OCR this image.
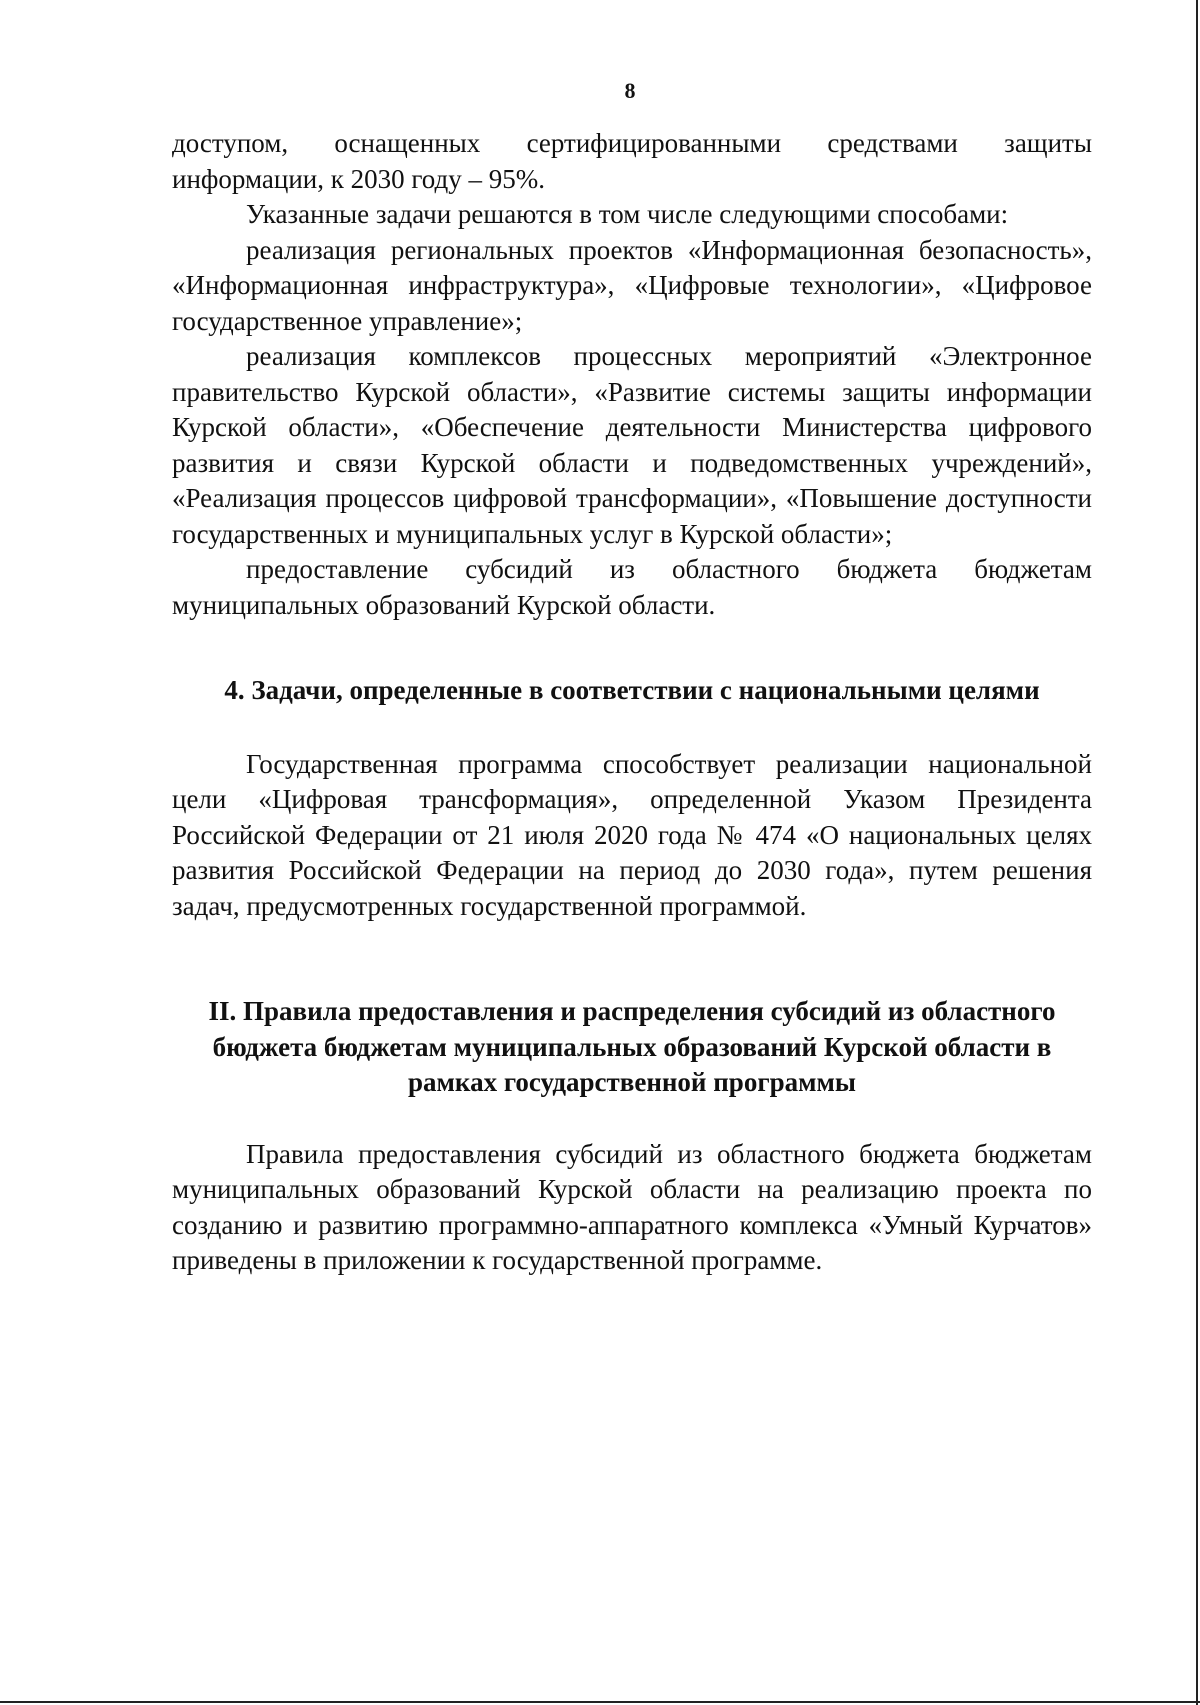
8

доступом, оснащенных сертифицированными средствами защиты информации, к 2030 году – 95%.

Указанные задачи решаются в том числе следующими способами:

реализация региональных проектов «Информационная безопасность», «Информационная инфраструктура», «Цифровые технологии», «Цифровое государственное управление»;

реализация комплексов процессных мероприятий «Электронное правительство Курской области», «Развитие системы защиты информации Курской области», «Обеспечение деятельности Министерства цифрового развития и связи Курской области и подведомственных учреждений», «Реализация процессов цифровой трансформации», «Повышение доступности государственных и муниципальных услуг в Курской области»;

предоставление субсидий из областного бюджета бюджетам муниципальных образований Курской области.

4. Задачи, определенные в соответствии с национальными целями

Государственная программа способствует реализации национальной цели «Цифровая трансформация», определенной Указом Президента Российской Федерации от 21 июля 2020 года № 474 «О национальных целях развития Российской Федерации на период до 2030 года», путем решения задач, предусмотренных государственной программой.

II. Правила предоставления и распределения субсидий из областного
бюджета бюджетам муниципальных образований Курской области в
рамках государственной программы

Правила предоставления субсидий из областного бюджета бюджетам муниципальных образований Курской области на реализацию проекта по созданию и развитию программно-аппаратного комплекса «Умный Курчатов» приведены в приложении к государственной программе.
